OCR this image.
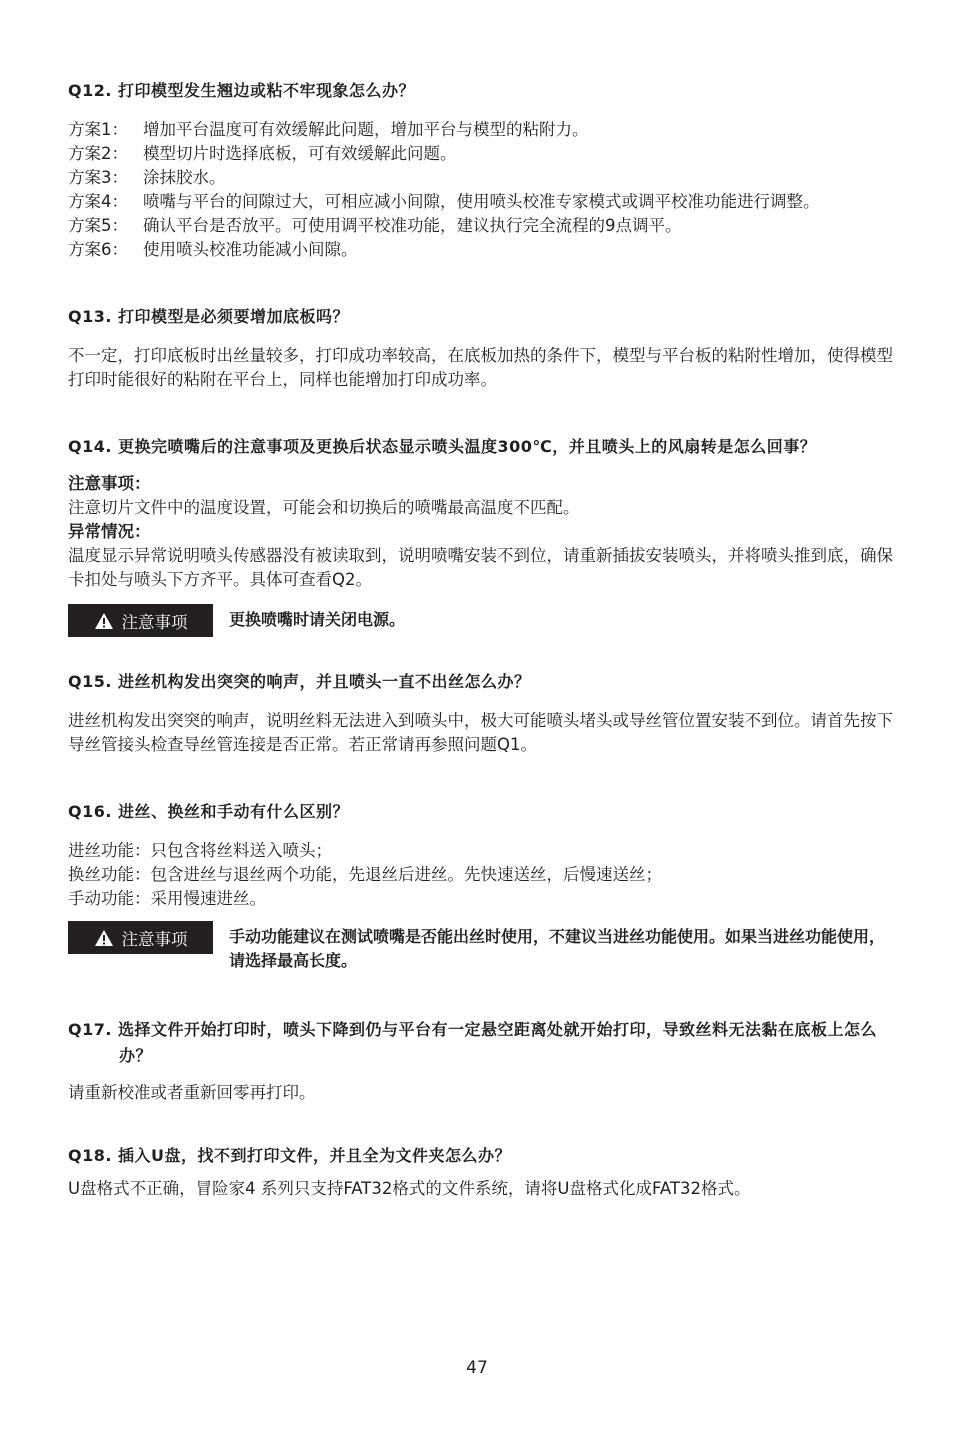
Q12. 打印模型发生翘边或粘不牢现象怎么办？
方案1： 增加平台温度可有效缓解此问题，增加平台与模型的粘附力。
方案2： 模型切片时选择底板，可有效缓解此问题。
方案3： 涂抹胶水。
方案4： 喷嘴与平台的间隙过大，可相应减小间隙，使用喷头校准专家模式或调平校准功能进行调整。
方案5： 确认平台是否放平。可使用调平校准功能，建议执行完全流程的9点调平。
方案6： 使用喷头校准功能减小间隙。
Q13. 打印模型是必须要增加底板吗？

不一定，打印底板时出丝量较多，打印成功率较高，在底板加热的条件下，模型与平台板的粘附性增加，使得模型打印时能很好的粘附在平台上，同样也能增加打印成功率。

Q14. 更换完喷嘴后的注意事项及更换后状态显示喷头温度300℃，并且喷头上的风扇转是怎么回事？
注意事项：

注意切片文件中的温度设置，可能会和切换后的喷嘴最高温度不匹配。

异常情况：

温度显示异常说明喷头传感器没有被读取到，说明喷嘴安装不到位，请重新插拔安装喷头，并将喷头推到底，确保卡扣处与喷头下方齐平。具体可查看Q2。

注意事项	更换喷嘴时请关闭电源。
Q15. 进丝机构发出突突的响声，并且喷头一直不出丝怎么办？

进丝机构发出突突的响声，说明丝料无法进入到喷头中，极大可能喷头堵头或导丝管位置安装不到位。请首先按下导丝管接头检查导丝管连接是否正常。若正常请再参照问题Q1。

Q16. 进丝、换丝和手动有什么区别？

进丝功能：只包含将丝料送入喷头；

换丝功能：包含进丝与退丝两个功能，先退丝后进丝。先快速送丝，后慢速送丝；

手动功能：采用慢速进丝。

注意事项	手动功能建议在测试喷嘴是否能出丝时使用，不建议当进丝功能使用。如果当进丝功能使用，请选择最高长度。
Q17. 选择文件开始打印时，喷头下降到仍与平台有一定悬空距离处就开始打印，导致丝料无法黏在底板上怎么办？

请重新校准或者重新回零再打印。

Q18. 插入U盘，找不到打印文件，并且全为文件夹怎么办？

U盘格式不正确，冒险家4 系列只支持FAT32格式的文件系统，请将U盘格式化成FAT32格式。

47
